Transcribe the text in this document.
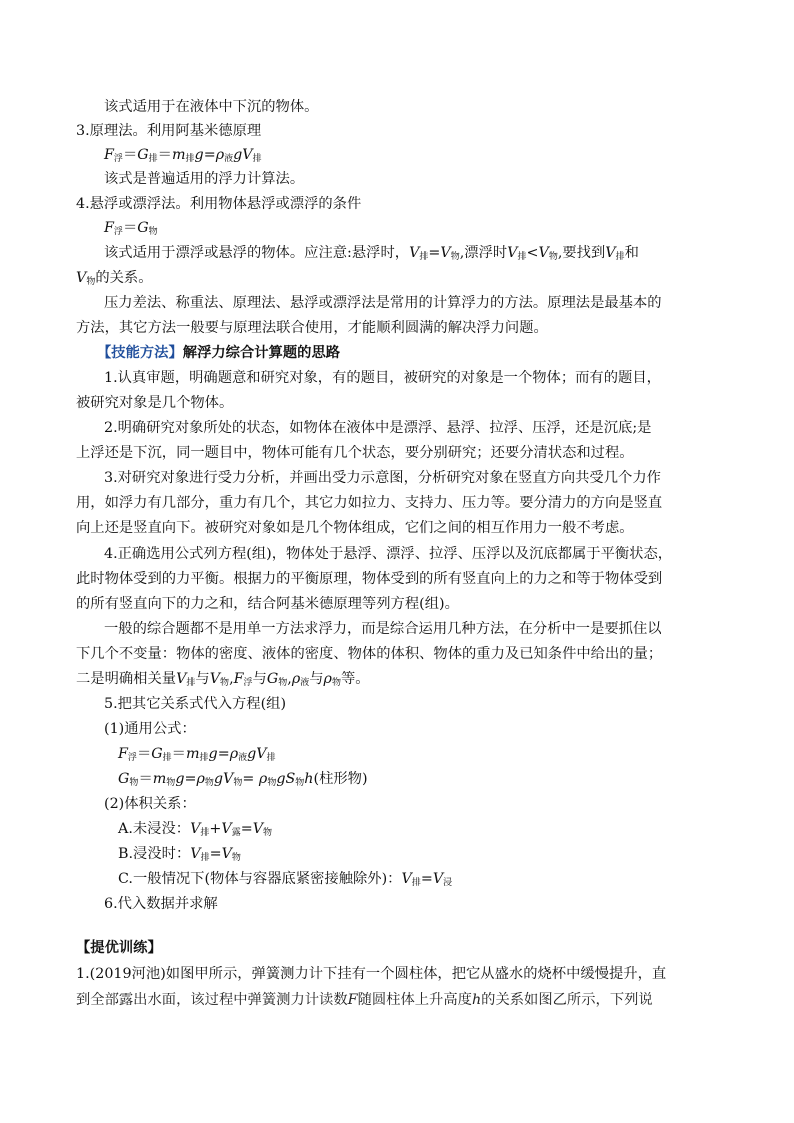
该式适用于在液体中下沉的物体。
3.原理法。利用阿基米德原理
$F_浮=G_排=m_排g=\rho_液gV_排$
该式是普遍适用的浮力计算法。
4.悬浮或漂浮法。利用物体悬浮或漂浮的条件
$F_浮=G_物$
该式适用于漂浮或悬浮的物体。应注意:悬浮时，$V_排=V_物$,漂浮时$V_排<V_物$,要找到$V_排$和
$V_物$的关系。
压力差法、称重法、原理法、悬浮或漂浮法是常用的计算浮力的方法。原理法是最基本的
方法，其它方法一般要与原理法联合使用，才能顺利圆满的解决浮力问题。
【技能方法】解浮力综合计算题的思路
1.认真审题，明确题意和研究对象，有的题目，被研究的对象是一个物体；而有的题目，
被研究对象是几个物体。
2.明确研究对象所处的状态，如物体在液体中是漂浮、悬浮、拉浮、压浮，还是沉底;是
上浮还是下沉，同一题目中，物体可能有几个状态，要分别研究；还要分清状态和过程。
3.对研究对象进行受力分析，并画出受力示意图，分析研究对象在竖直方向共受几个力作
用，如浮力有几部分，重力有几个，其它力如拉力、支持力、压力等。要分清力的方向是竖直
向上还是竖直向下。被研究对象如是几个物体组成，它们之间的相互作用力一般不考虑。
4.正确选用公式列方程(组)，物体处于悬浮、漂浮、拉浮、压浮以及沉底都属于平衡状态，
此时物体受到的力平衡。根据力的平衡原理，物体受到的所有竖直向上的力之和等于物体受到
的所有竖直向下的力之和，结合阿基米德原理等列方程(组)。
一般的综合题都不是用单一方法求浮力，而是综合运用几种方法，在分析中一是要抓住以
下几个不变量：物体的密度、液体的密度、物体的体积、物体的重力及已知条件中给出的量；
二是明确相关量$V_排$与$V_物,F_浮$与$G_物,\rho_液$与$\rho_物$等。
5.把其它关系式代入方程(组)
(1)通用公式：
$F_浮=G_排=m_排g=\rho_液gV_排$
$G_物=m_物g=\rho_物gV_物= \rho_物gS_物h$(柱形物)
(2)体积关系：
A.未浸没：$V_排+V_露=V_物$
B.浸没时：$V_排=V_物$
C.一般情况下(物体与容器底紧密接触除外)：$V_排=V_浸$
6.代入数据并求解
【提优训练】
1.(2019河池)如图甲所示，弹簧测力计下挂有一个圆柱体，把它从盛水的烧杯中缓慢提升，直
到全部露出水面，该过程中弹簧测力计读数F随圆柱体上升高度h的关系如图乙所示，下列说
